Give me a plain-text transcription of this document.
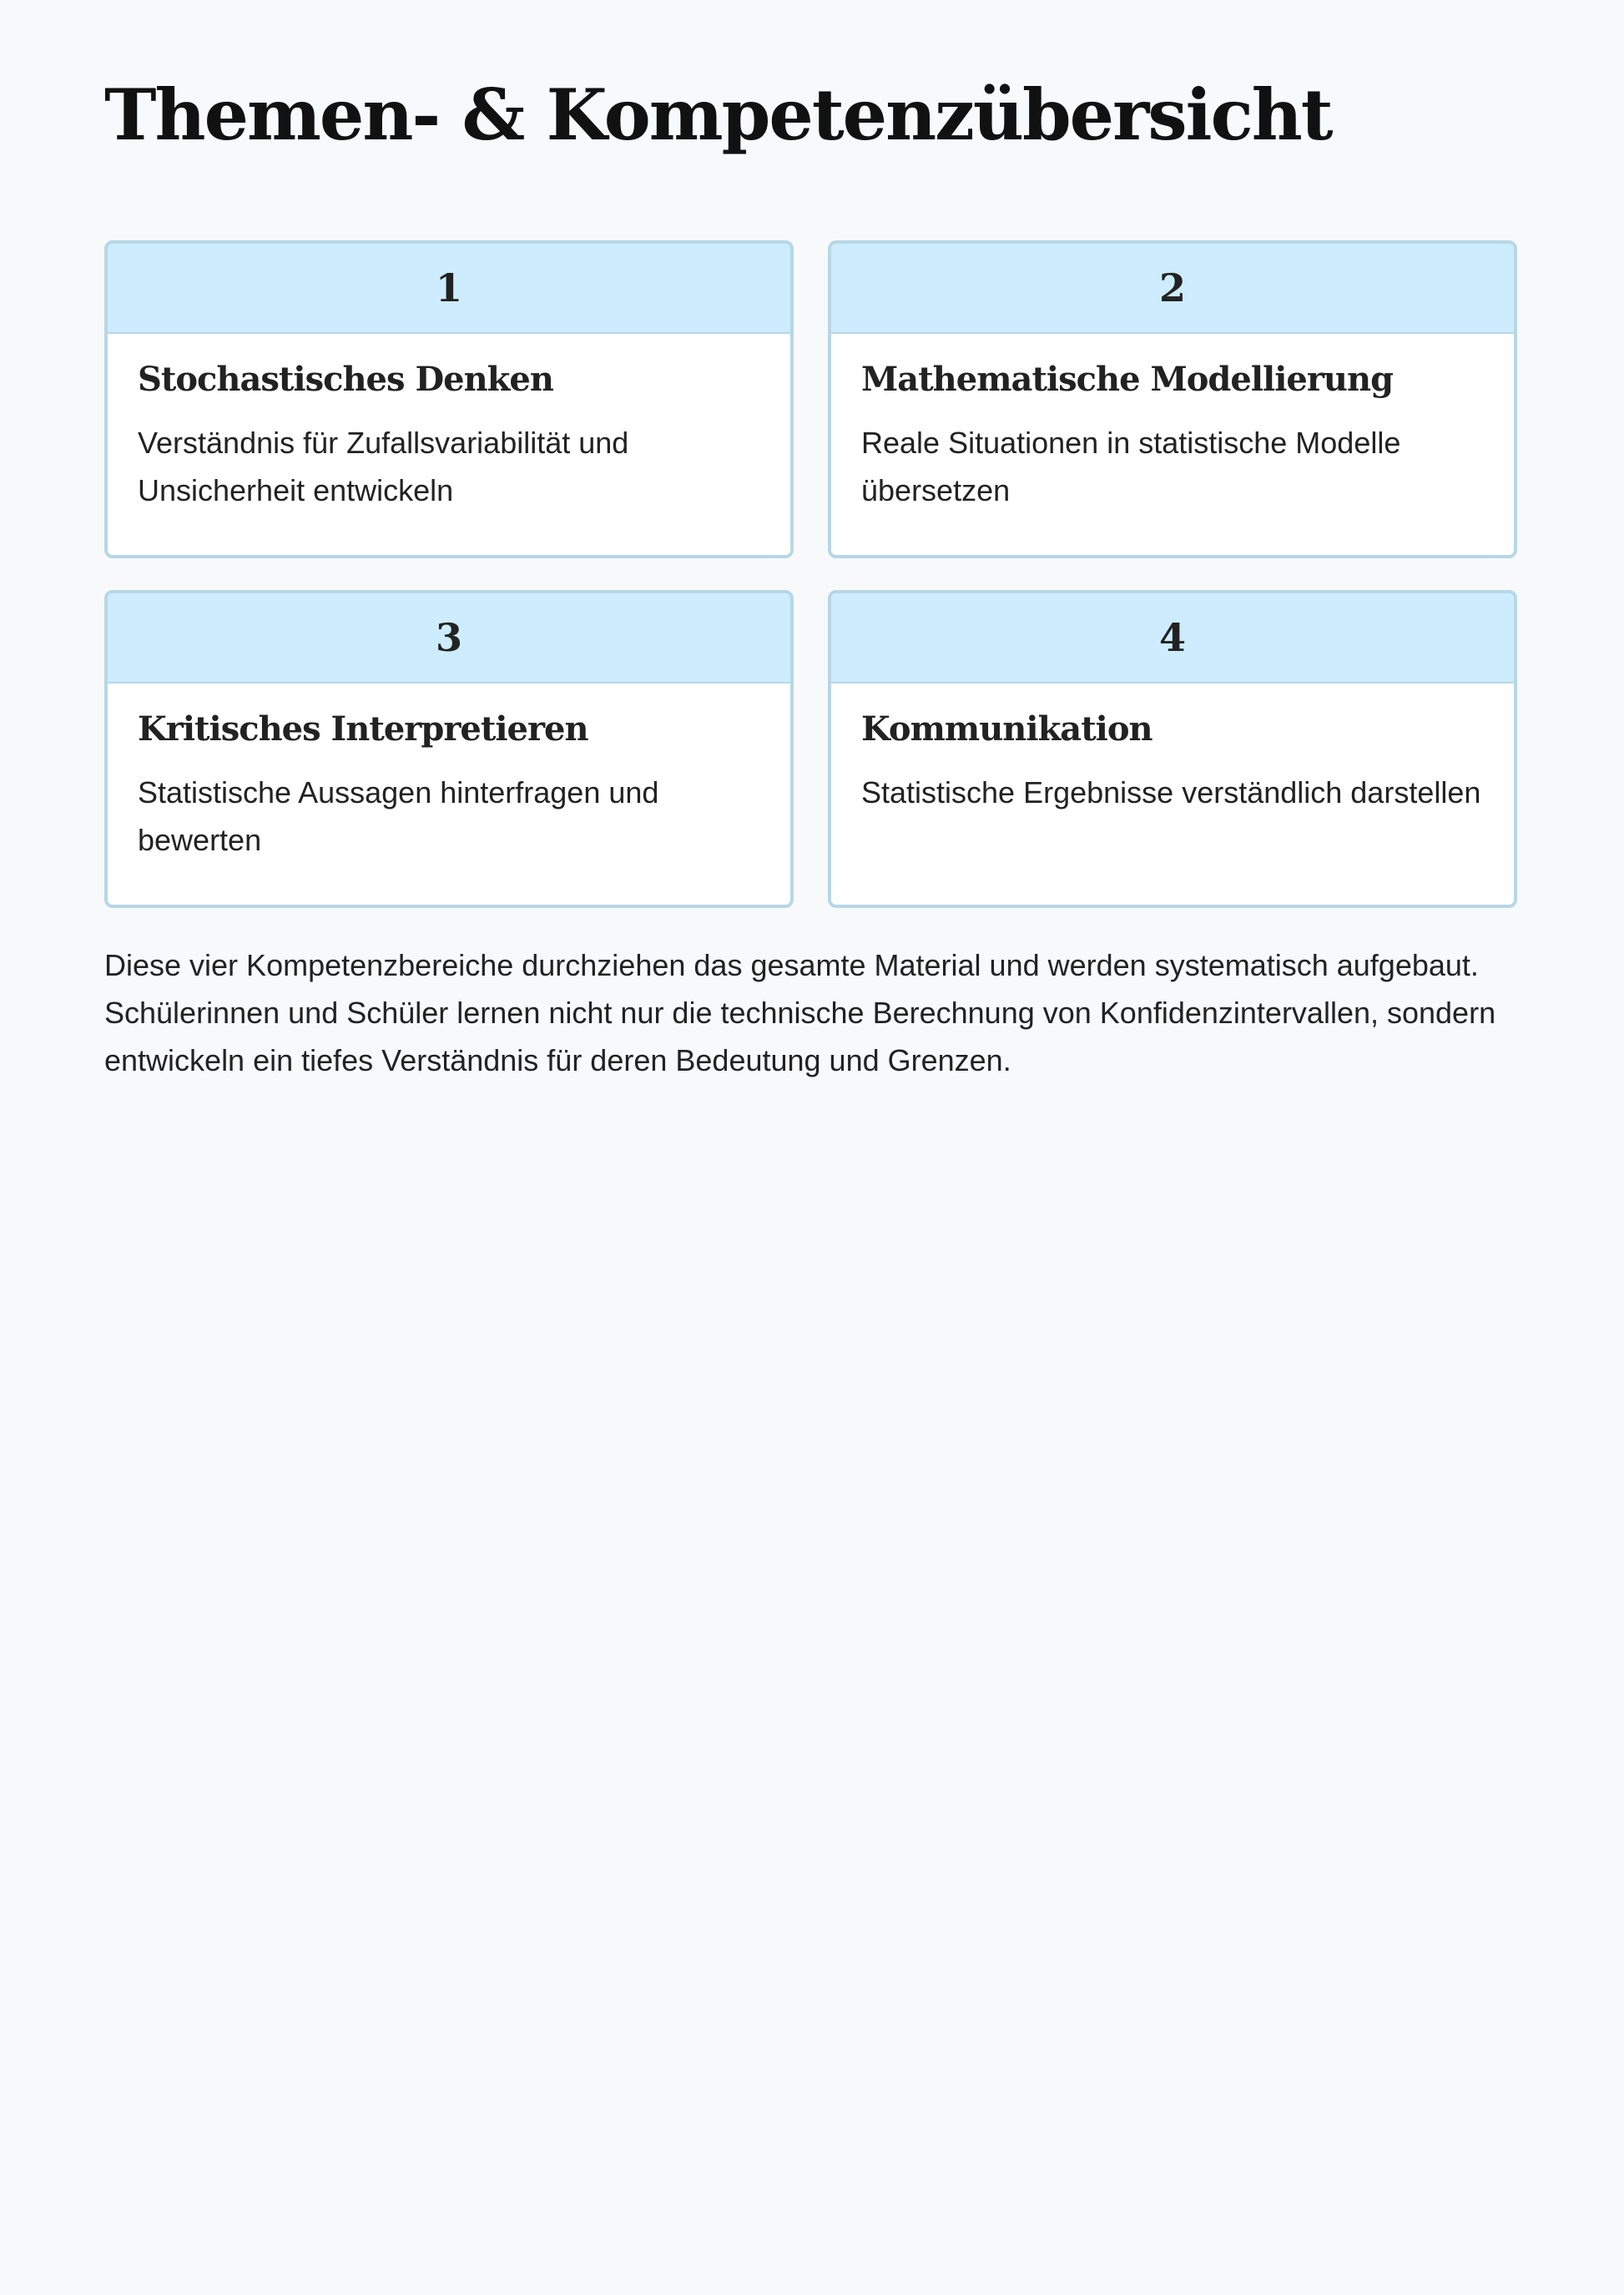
Themen- & Kompetenzübersicht
1
Stochastisches Denken

Verständnis für Zufallsvariabilität und Unsicherheit entwickeln

2
Mathematische Modellierung

Reale Situationen in statistische Modelle übersetzen

3
Kritisches Interpretieren

Statistische Aussagen hinterfragen und bewerten

4
Kommunikation

Statistische Ergebnisse verständlich darstellen

Diese vier Kompetenzbereiche durchziehen das gesamte Material und werden systematisch aufgebaut. Schülerinnen und Schüler lernen nicht nur die technische Berechnung von Konfidenzintervallen, sondern entwickeln ein tiefes Verständnis für deren Bedeutung und Grenzen.
